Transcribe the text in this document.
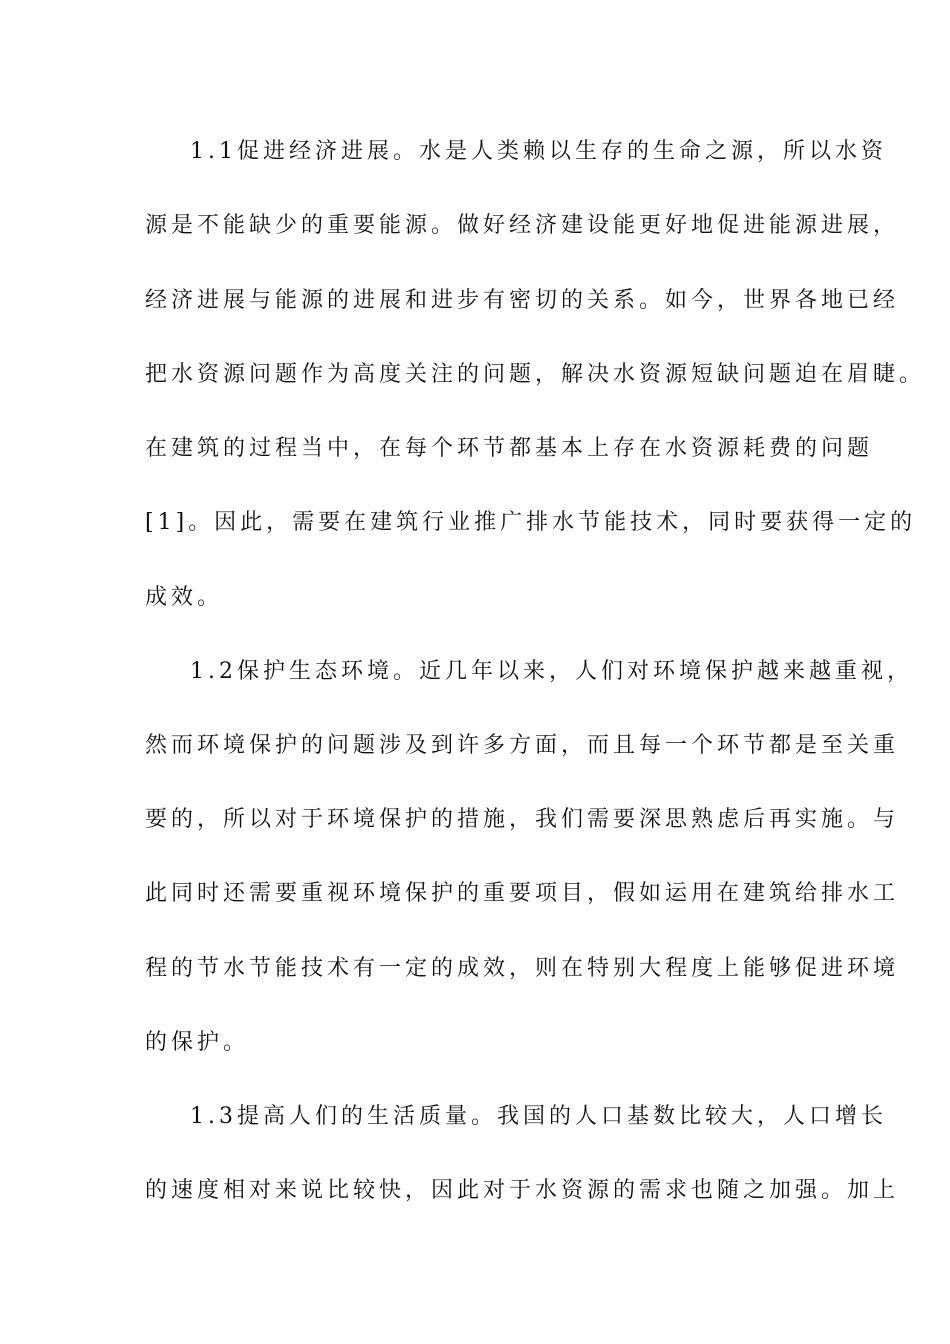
1.1促进经济进展。水是人类赖以生存的生命之源，所以水资
源是不能缺少的重要能源。做好经济建设能更好地促进能源进展，
经济进展与能源的进展和进步有密切的关系。如今，世界各地已经
把水资源问题作为高度关注的问题，解决水资源短缺问题迫在眉睫。
在建筑的过程当中，在每个环节都基本上存在水资源耗费的问题
[1]。因此，需要在建筑行业推广排水节能技术，同时要获得一定的
成效。
1.2保护生态环境。近几年以来，人们对环境保护越来越重视，
然而环境保护的问题涉及到许多方面，而且每一个环节都是至关重
要的，所以对于环境保护的措施，我们需要深思熟虑后再实施。与
此同时还需要重视环境保护的重要项目，假如运用在建筑给排水工
程的节水节能技术有一定的成效，则在特别大程度上能够促进环境
的保护。
1.3提高人们的生活质量。我国的人口基数比较大，人口增长
的速度相对来说比较快，因此对于水资源的需求也随之加强。加上
